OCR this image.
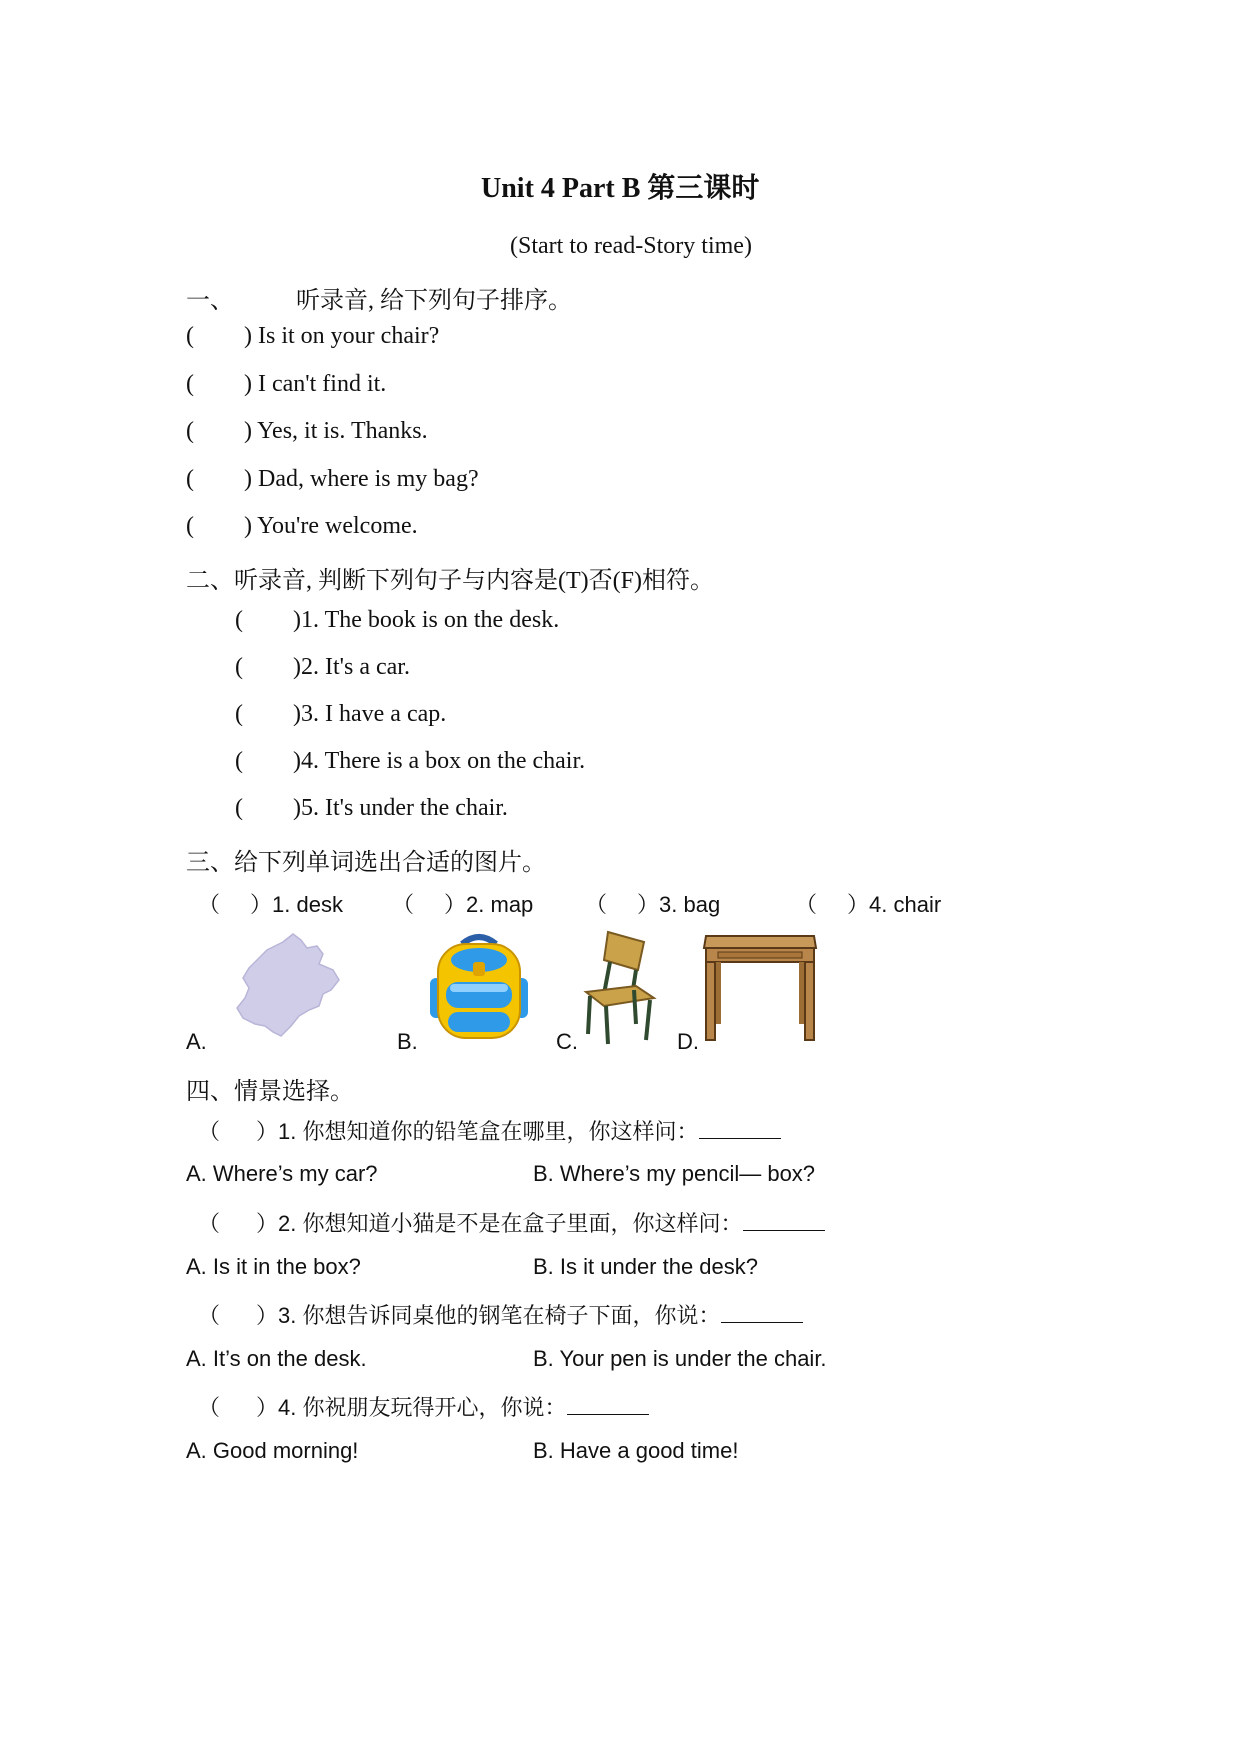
Unit 4 Part B 第三课时
(Start to read-Story time)
一、	听录音, 给下列句子排序。
( ) Is it on your chair?
( ) I can't find it.
( ) Yes, it is. Thanks.
( ) Dad, where is my bag?
( ) You're welcome.
二、听录音, 判断下列句子与内容是(T)否(F)相符。
( )1. The book is on the desk.
( )2. It's a car.
( )3. I have a cap.
( )4. There is a box on the chair.
( )5. It's under the chair.
三、给下列单词选出合适的图片。
（ ）1. desk （ ）2. map （ ）3. bag	（ ）4. chair
A.	B.	C.	D.
四、情景选择。
（ ）1. 你想知道你的铅笔盒在哪里，你这样问：
A. Where’s my car?	B. Where’s my pencil— box?
（ ）2. 你想知道小猫是不是在盒子里面，你这样问：
A. Is it in the box?	B. Is it under the desk?
（ ）3. 你想告诉同桌他的钢笔在椅子下面，你说：
A. It’s on the desk.	B. Your pen is under the chair.
（ ）4. 你祝朋友玩得开心，你说：
A. Good morning!	B. Have a good time!
